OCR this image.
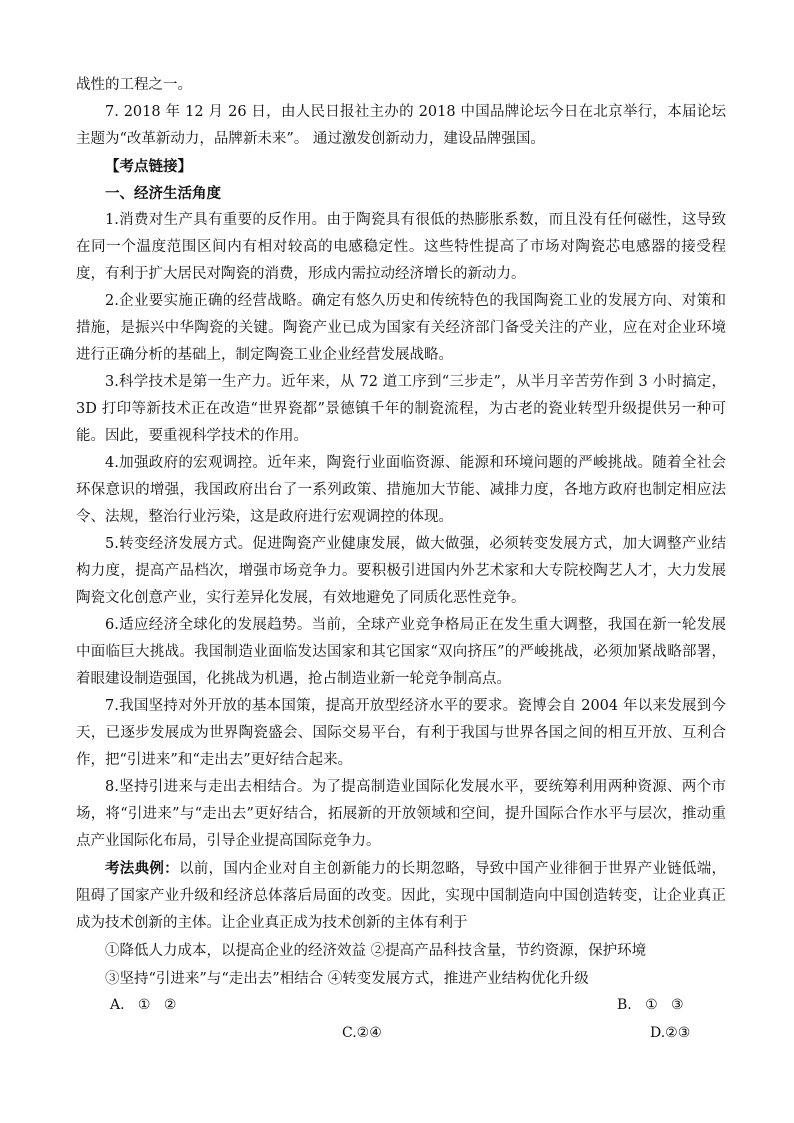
战性的工程之一。

7. 2018 年 12 月 26 日，由人民日报社主办的 2018 中国品牌论坛今日在北京举行，本届论坛主题为“改革新动力，品牌新未来”。 通过激发创新动力，建设品牌强国。

【考点链接】

一、经济生活角度

1.消费对生产具有重要的反作用。由于陶瓷具有很低的热膨胀系数，而且没有任何磁性，这导致在同一个温度范围区间内有相对较高的电感稳定性。这些特性提高了市场对陶瓷芯电感器的接受程度，有利于扩大居民对陶瓷的消费，形成内需拉动经济增长的新动力。

2.企业要实施正确的经营战略。确定有悠久历史和传统特色的我国陶瓷工业的发展方向、对策和措施，是振兴中华陶瓷的关键。陶瓷产业已成为国家有关经济部门备受关注的产业，应在对企业环境进行正确分析的基础上，制定陶瓷工业企业经营发展战略。

3.科学技术是第一生产力。近年来，从 72 道工序到“三步走”，从半月辛苦劳作到 3 小时搞定，3D 打印等新技术正在改造“世界瓷都”景德镇千年的制瓷流程，为古老的瓷业转型升级提供另一种可能。因此，要重视科学技术的作用。

4.加强政府的宏观调控。近年来，陶瓷行业面临资源、能源和环境问题的严峻挑战。随着全社会环保意识的增强，我国政府出台了一系列政策、措施加大节能、减排力度，各地方政府也制定相应法令、法规，整治行业污染，这是政府进行宏观调控的体现。

5.转变经济发展方式。促进陶瓷产业健康发展，做大做强，必须转变发展方式，加大调整产业结构力度，提高产品档次，增强市场竞争力。要积极引进国内外艺术家和大专院校陶艺人才，大力发展陶瓷文化创意产业，实行差异化发展，有效地避免了同质化恶性竞争。

6.适应经济全球化的发展趋势。当前，全球产业竞争格局正在发生重大调整，我国在新一轮发展中面临巨大挑战。我国制造业面临发达国家和其它国家“双向挤压”的严峻挑战，必须加紧战略部署，着眼建设制造强国，化挑战为机遇，抢占制造业新一轮竞争制高点。

7.我国坚持对外开放的基本国策，提高开放型经济水平的要求。瓷博会自 2004 年以来发展到今天，已逐步发展成为世界陶瓷盛会、国际交易平台，有利于我国与世界各国之间的相互开放、互利合作，把“引进来”和“走出去”更好结合起来。

8.坚持引进来与走出去相结合。为了提高制造业国际化发展水平，要统筹利用两种资源、两个市场，将“引进来”与“走出去”更好结合，拓展新的开放领域和空间，提升国际合作水平与层次，推动重点产业国际化布局，引导企业提高国际竞争力。

考法典例：以前，国内企业对自主创新能力的长期忽略，导致中国产业徘徊于世界产业链低端，阻碍了国家产业升级和经济总体落后局面的改变。因此，实现中国制造向中国创造转变，让企业真正成为技术创新的主体。让企业真正成为技术创新的主体有利于

①降低人力成本，以提高企业的经济效益 ②提高产品科技含量，节约资源，保护环境

③坚持“引进来”与“走出去”相结合 ④转变发展方式，推进产业结构优化升级

A.   ①   ②	B.   ①   ③
C.②④	D.②③
